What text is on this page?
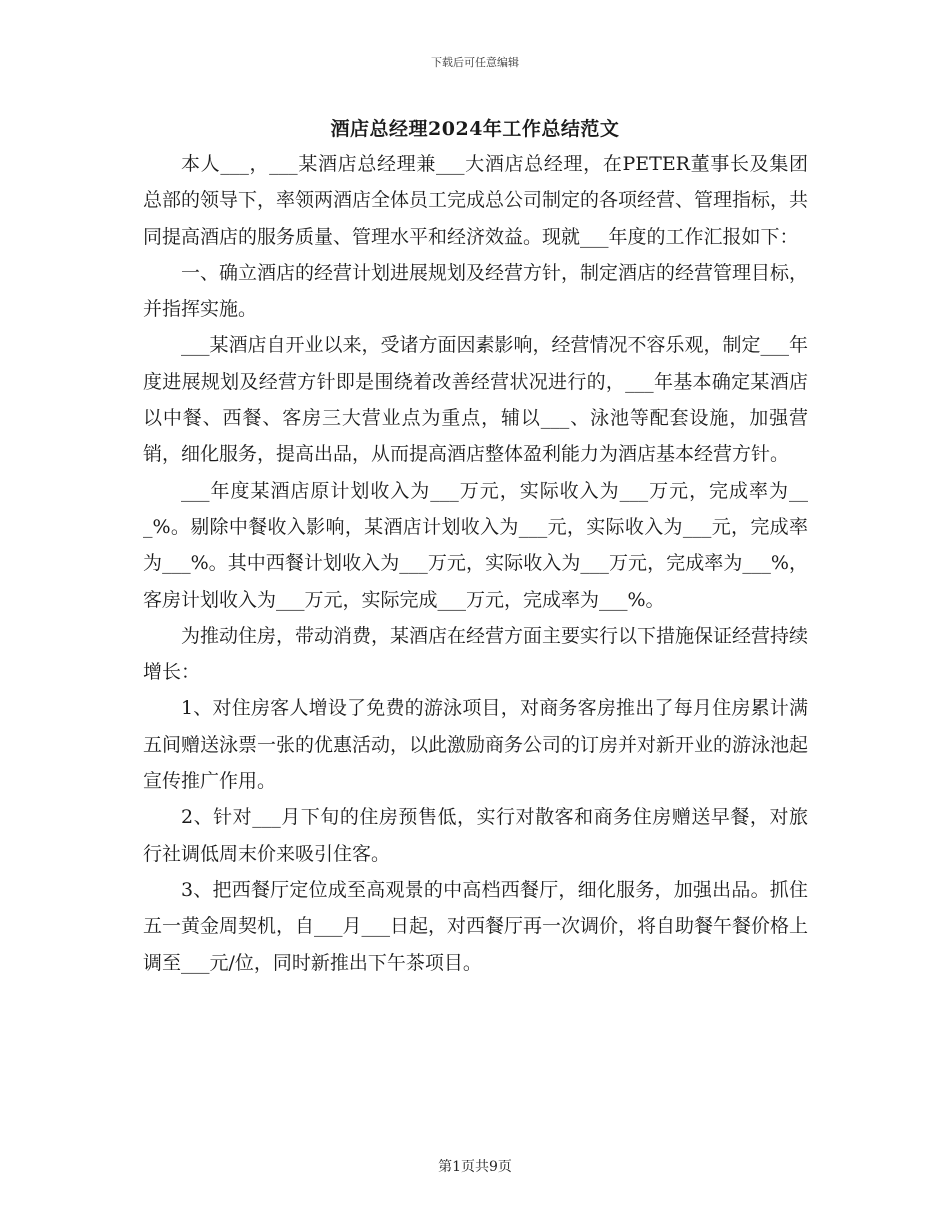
下载后可任意编辑
酒店总经理2024年工作总结范文

本人___，___某酒店总经理兼___大酒店总经理，在PETER董事长及集团总部的领导下，率领两酒店全体员工完成总公司制定的各项经营、管理指标，共同提高酒店的服务质量、管理水平和经济效益。现就___年度的工作汇报如下：

一、确立酒店的经营计划进展规划及经营方针，制定酒店的经营管理目标，并指挥实施。

___某酒店自开业以来，受诸方面因素影响，经营情况不容乐观，制定___年度进展规划及经营方针即是围绕着改善经营状况进行的，___年基本确定某酒店以中餐、西餐、客房三大营业点为重点，辅以___、泳池等配套设施，加强营销，细化服务，提高出品，从而提高酒店整体盈利能力为酒店基本经营方针。

___年度某酒店原计划收入为___万元，实际收入为___万元，完成率为___%。剔除中餐收入影响，某酒店计划收入为___元，实际收入为___元，完成率为___%。其中西餐计划收入为___万元，实际收入为___万元，完成率为___%，客房计划收入为___万元，实际完成___万元，完成率为___%。

为推动住房，带动消费，某酒店在经营方面主要实行以下措施保证经营持续增长：

1、对住房客人增设了免费的游泳项目，对商务客房推出了每月住房累计满五间赠送泳票一张的优惠活动，以此激励商务公司的订房并对新开业的游泳池起宣传推广作用。

2、针对___月下旬的住房预售低，实行对散客和商务住房赠送早餐，对旅行社调低周末价来吸引住客。

3、把西餐厅定位成至高观景的中高档西餐厅，细化服务，加强出品。抓住五一黄金周契机，自___月___日起，对西餐厅再一次调价，将自助餐午餐价格上调至___元/位，同时新推出下午茶项目。

第1页共9页
